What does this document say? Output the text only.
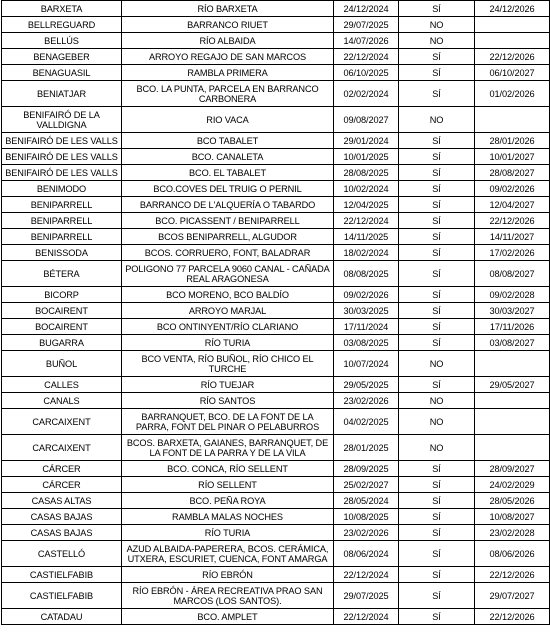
BARXETA	RÍO BARXETA	24/12/2024	SÍ	24/12/2026
BELLREGUARD	BARRANCO RIUET	29/07/2025	NO	
BELLÚS	RÍO ALBAIDA	14/07/2026	NO	
BENAGEBER	ARROYO REGAJO DE SAN MARCOS	22/12/2024	SÍ	22/12/2026
BENAGUASIL	RAMBLA PRIMERA	06/10/2025	SÍ	06/10/2027
BENIATJAR	BCO. LA PUNTA, PARCELA EN BARRANCO CARBONERA	02/02/2024	SÍ	01/02/2026
BENIFAIRÓ DE LA VALLDIGNA	RIO VACA	09/08/2027	NO	
BENIFAIRÓ DE LES VALLS	BCO TABALET	29/01/2024	SÍ	28/01/2026
BENIFAIRÓ DE LES VALLS	BCO. CANALETA	10/01/2025	SÍ	10/01/2027
BENIFAIRÓ DE LES VALLS	BCO. EL TABALET	28/08/2025	SÍ	28/08/2027
BENIMODO	BCO.COVES DEL TRUIG O PERNIL	10/02/2024	SÍ	09/02/2026
BENIPARRELL	BARRANCO DE L'ALQUERÍA O TABARDO	12/04/2025	SÍ	12/04/2027
BENIPARRELL	BCO. PICASSENT / BENIPARRELL	22/12/2024	SÍ	22/12/2026
BENIPARRELL	BCOS BENIPARRELL, ALGUDOR	14/11/2025	SÍ	14/11/2027
BENISSODA	BCOS. CORRUERO, FONT, BALADRAR	18/02/2024	SÍ	17/02/2026
BÉTERA	POLIGONO 77 PARCELA 9060 CANAL - CAÑADA REAL ARAGONESA	08/08/2025	SÍ	08/08/2027
BICORP	BCO MORENO, BCO BALDÍO	09/02/2026	SÍ	09/02/2028
BOCAIRENT	ARROYO MARJAL	30/03/2025	SÍ	30/03/2027
BOCAIRENT	BCO ONTINYENT/RÍO CLARIANO	17/11/2024	SÍ	17/11/2026
BUGARRA	RÍO TURIA	03/08/2025	SÍ	03/08/2027
BUÑOL	BCO VENTA, RÍO BUÑOL, RÍO CHICO EL TURCHE	10/07/2024	NO	
CALLES	RÍO TUEJAR	29/05/2025	SÍ	29/05/2027
CANALS	RÍO SANTOS	23/02/2026	NO	
CARCAIXENT	BARRANQUET, BCO. DE LA FONT DE LA PARRA, FONT DEL PINAR O PELABURROS	04/02/2025	NO	
CARCAIXENT	BCOS. BARXETA, GAIANES, BARRANQUET, DE LA FONT DE LA PARRA Y DE LA VILA	28/01/2025	NO	
CÁRCER	BCO. CONCA, RÍO SELLENT	28/09/2025	SÍ	28/09/2027
CÁRCER	RÍO SELLENT	25/02/2027	SÍ	24/02/2029
CASAS ALTAS	BCO. PEÑA ROYA	28/05/2024	SÍ	28/05/2026
CASAS BAJAS	RAMBLA MALAS NOCHES	10/08/2025	SÍ	10/08/2027
CASAS BAJAS	RÍO TURIA	23/02/2026	SÍ	23/02/2028
CASTELLÓ	AZUD ALBAIDA-PAPERERA, BCOS. CERÁMICA, UTXERA, ESCURIET, CUENCA, FONT AMARGA	08/06/2024	SÍ	08/06/2026
CASTIELFABIB	RÍO EBRÓN	22/12/2024	SÍ	22/12/2026
CASTIELFABIB	RÍO EBRÓN - ÁREA RECREATIVA PRAO SAN MARCOS (LOS SANTOS).	29/07/2025	SÍ	29/07/2027
CATADAU	BCO. AMPLET	22/12/2024	SÍ	22/12/2026
